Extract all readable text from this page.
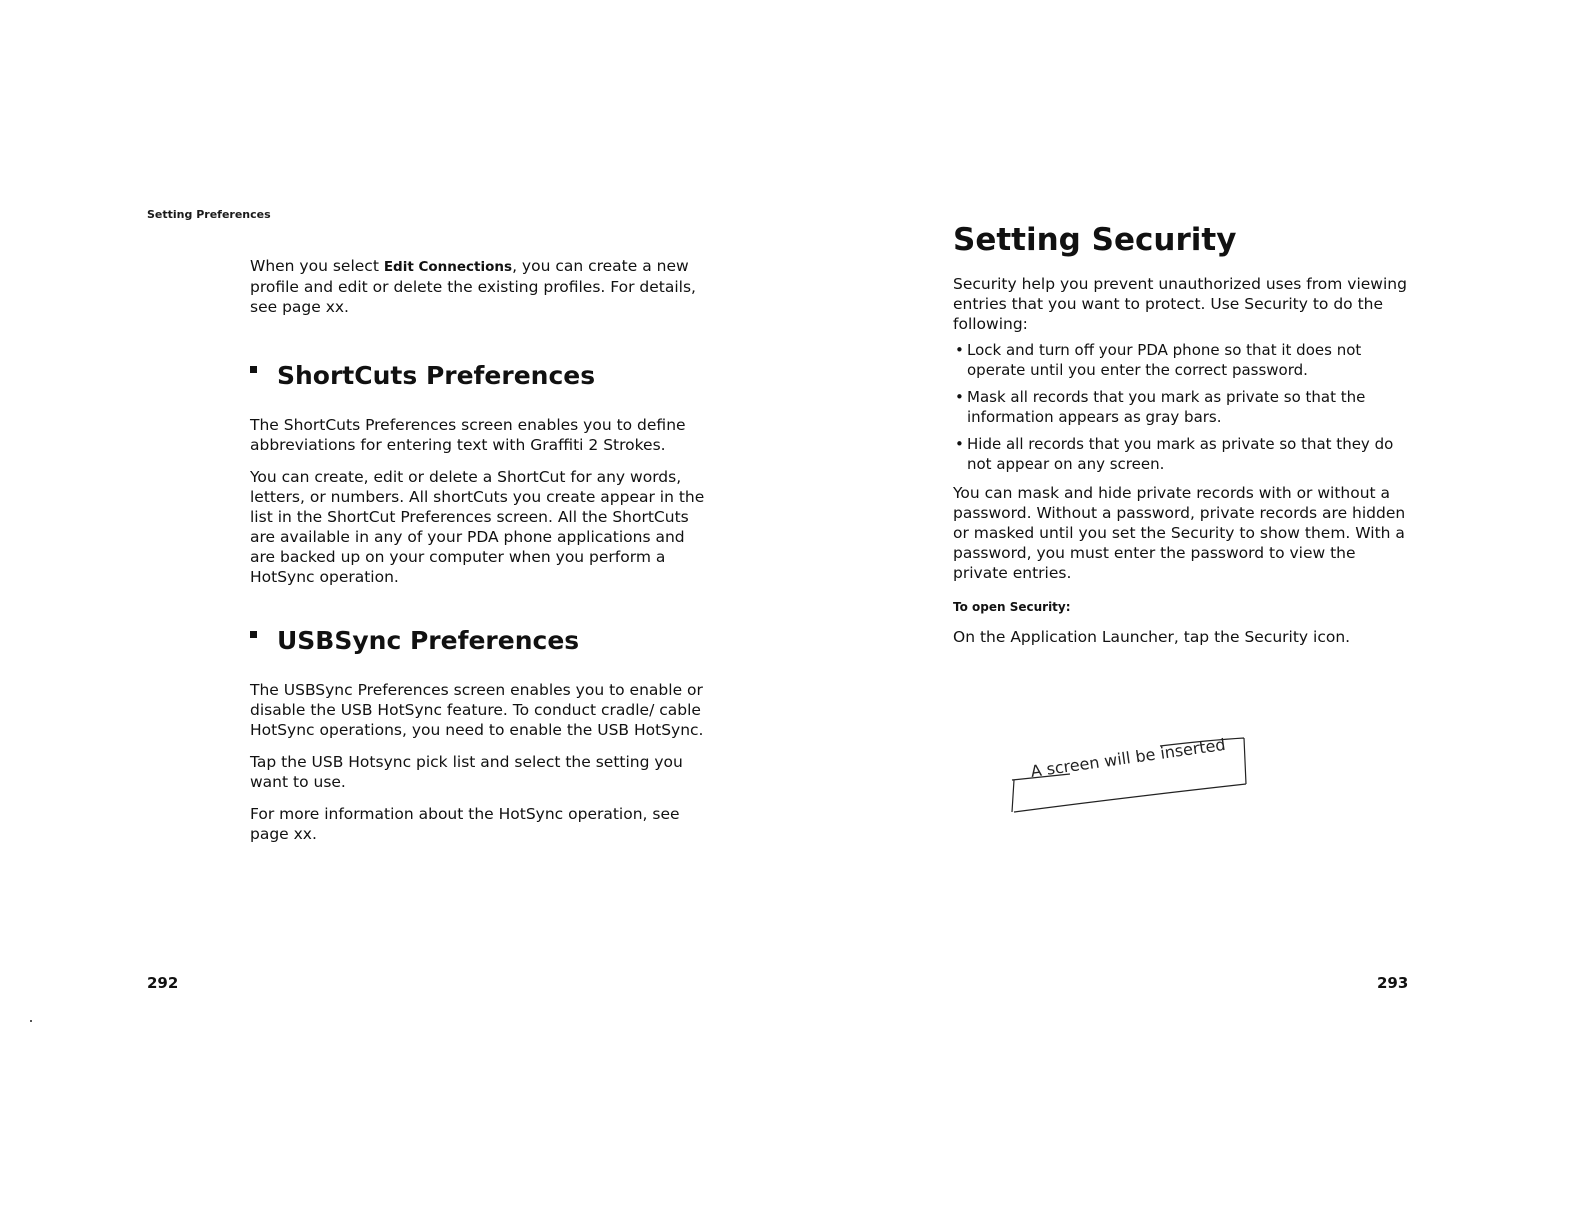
Setting Preferences

When you select Edit Connections, you can create a new profile and edit or delete the existing profiles. For details, see page xx.

ShortCuts Preferences

The ShortCuts Preferences screen enables you to define abbreviations for entering text with Graffiti 2 Strokes.

You can create, edit or delete a ShortCut for any words, letters, or numbers. All shortCuts you create appear in the list in the ShortCut Preferences screen. All the ShortCuts are available in any of your PDA phone applications and are backed up on your computer when you perform a HotSync operation.

USBSync Preferences

The USBSync Preferences screen enables you to enable or disable the USB HotSync feature. To conduct cradle/ cable HotSync operations, you need to enable the USB HotSync.

Tap the USB Hotsync pick list and select the setting you want to use.

For more information about the HotSync operation, see page xx.

292
Setting Security

Security help you prevent unauthorized uses from viewing entries that you want to protect. Use Security to do the following:

• Lock and turn off your PDA phone so that it does not operate until you enter the correct password.
• Mask all records that you mark as private so that the information appears as gray bars.
• Hide all records that you mark as private so that they do not appear on any screen.

You can mask and hide private records with or without a password. Without a password, private records are hidden or masked until you set the Security to show them. With a password, you must enter the password to view the private entries.

To open Security:

On the Application Launcher, tap the Security icon.

A screen will be inserted
293
